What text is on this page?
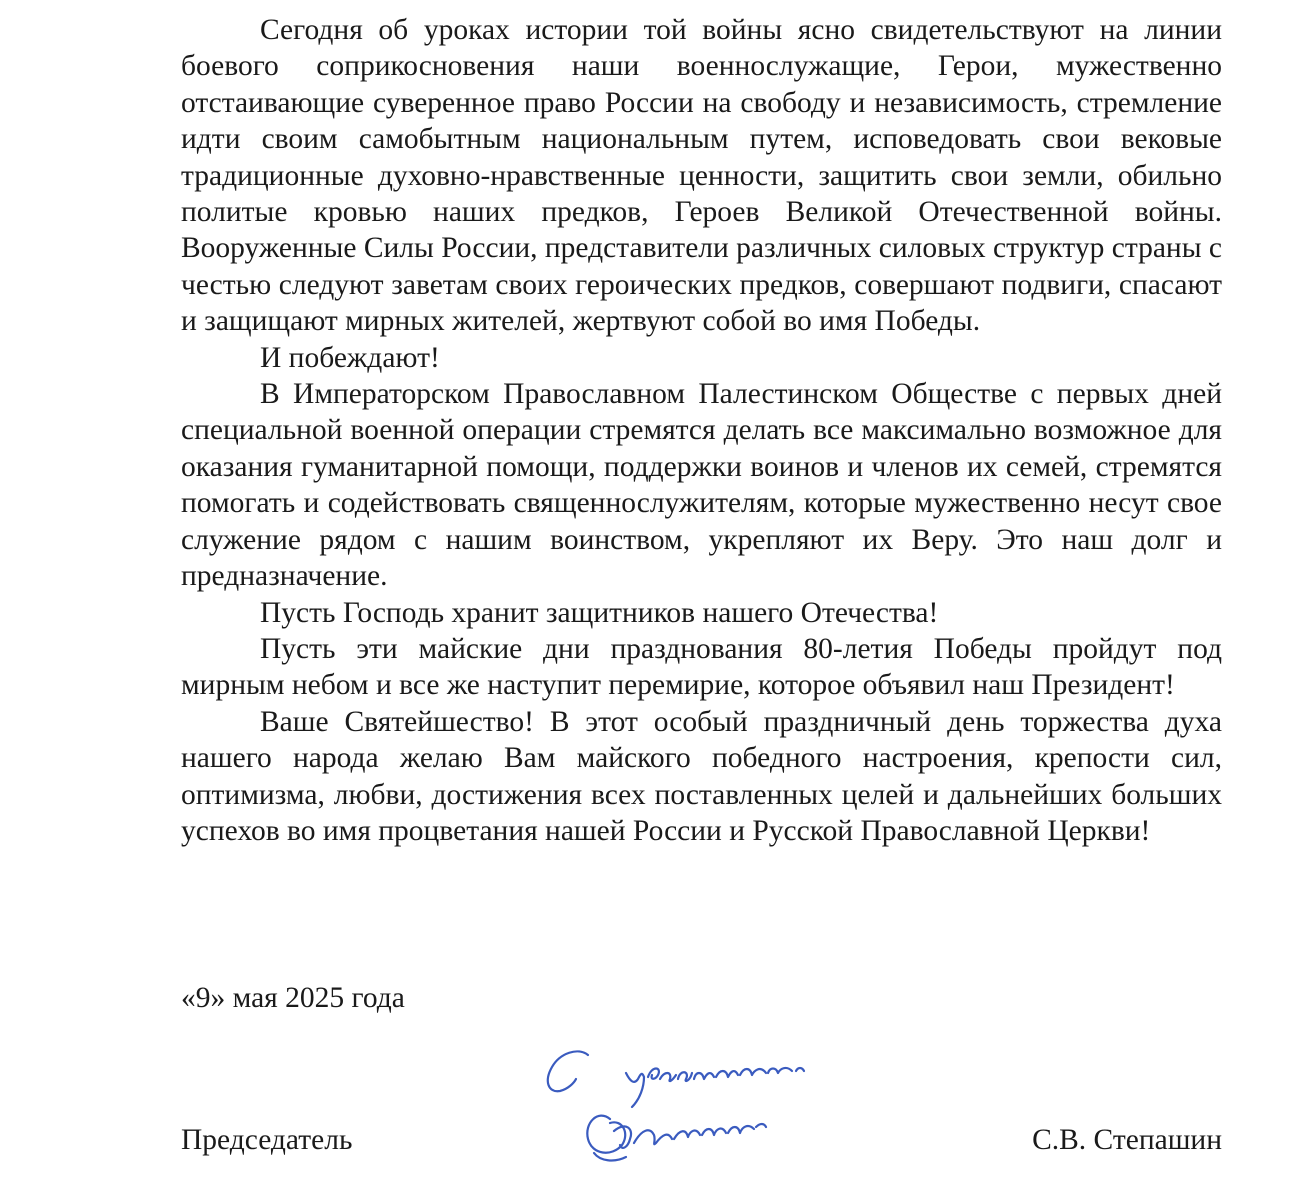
Сегодня об уроках истории той войны ясно свидетельствуют на линии боевого соприкосновения наши военнослужащие, Герои, мужественно отстаивающие суверенное право России на свободу и независимость, стремление идти своим самобытным национальным путем, исповедовать свои вековые традиционные духовно-нравственные ценности, защитить свои земли, обильно политые кровью наших предков, Героев Великой Отечественной войны. Вооруженные Силы России, представители различных силовых структур страны с честью следуют заветам своих героических предков, совершают подвиги, спасают и защищают мирных жителей, жертвуют собой во имя Победы.

И побеждают!

В Императорском Православном Палестинском Обществе с первых дней специальной военной операции стремятся делать все максимально возможное для оказания гуманитарной помощи, поддержки воинов и членов их семей, стремятся помогать и содействовать священнослужителям, которые мужественно несут свое служение рядом с нашим воинством, укрепляют их Веру. Это наш долг и предназначение.

Пусть Господь хранит защитников нашего Отечества!

Пусть эти майские дни празднования 80-летия Победы пройдут под мирным небом и все же наступит перемирие, которое объявил наш Президент!

Ваше Святейшество! В этот особый праздничный день торжества духа нашего народа желаю Вам майского победного настроения, крепости сил, оптимизма, любви, достижения всех поставленных целей и дальнейших больших успехов во имя процветания нашей России и Русской Православной Церкви!

«9» мая 2025 года
Председатель	С.В. Степашин
